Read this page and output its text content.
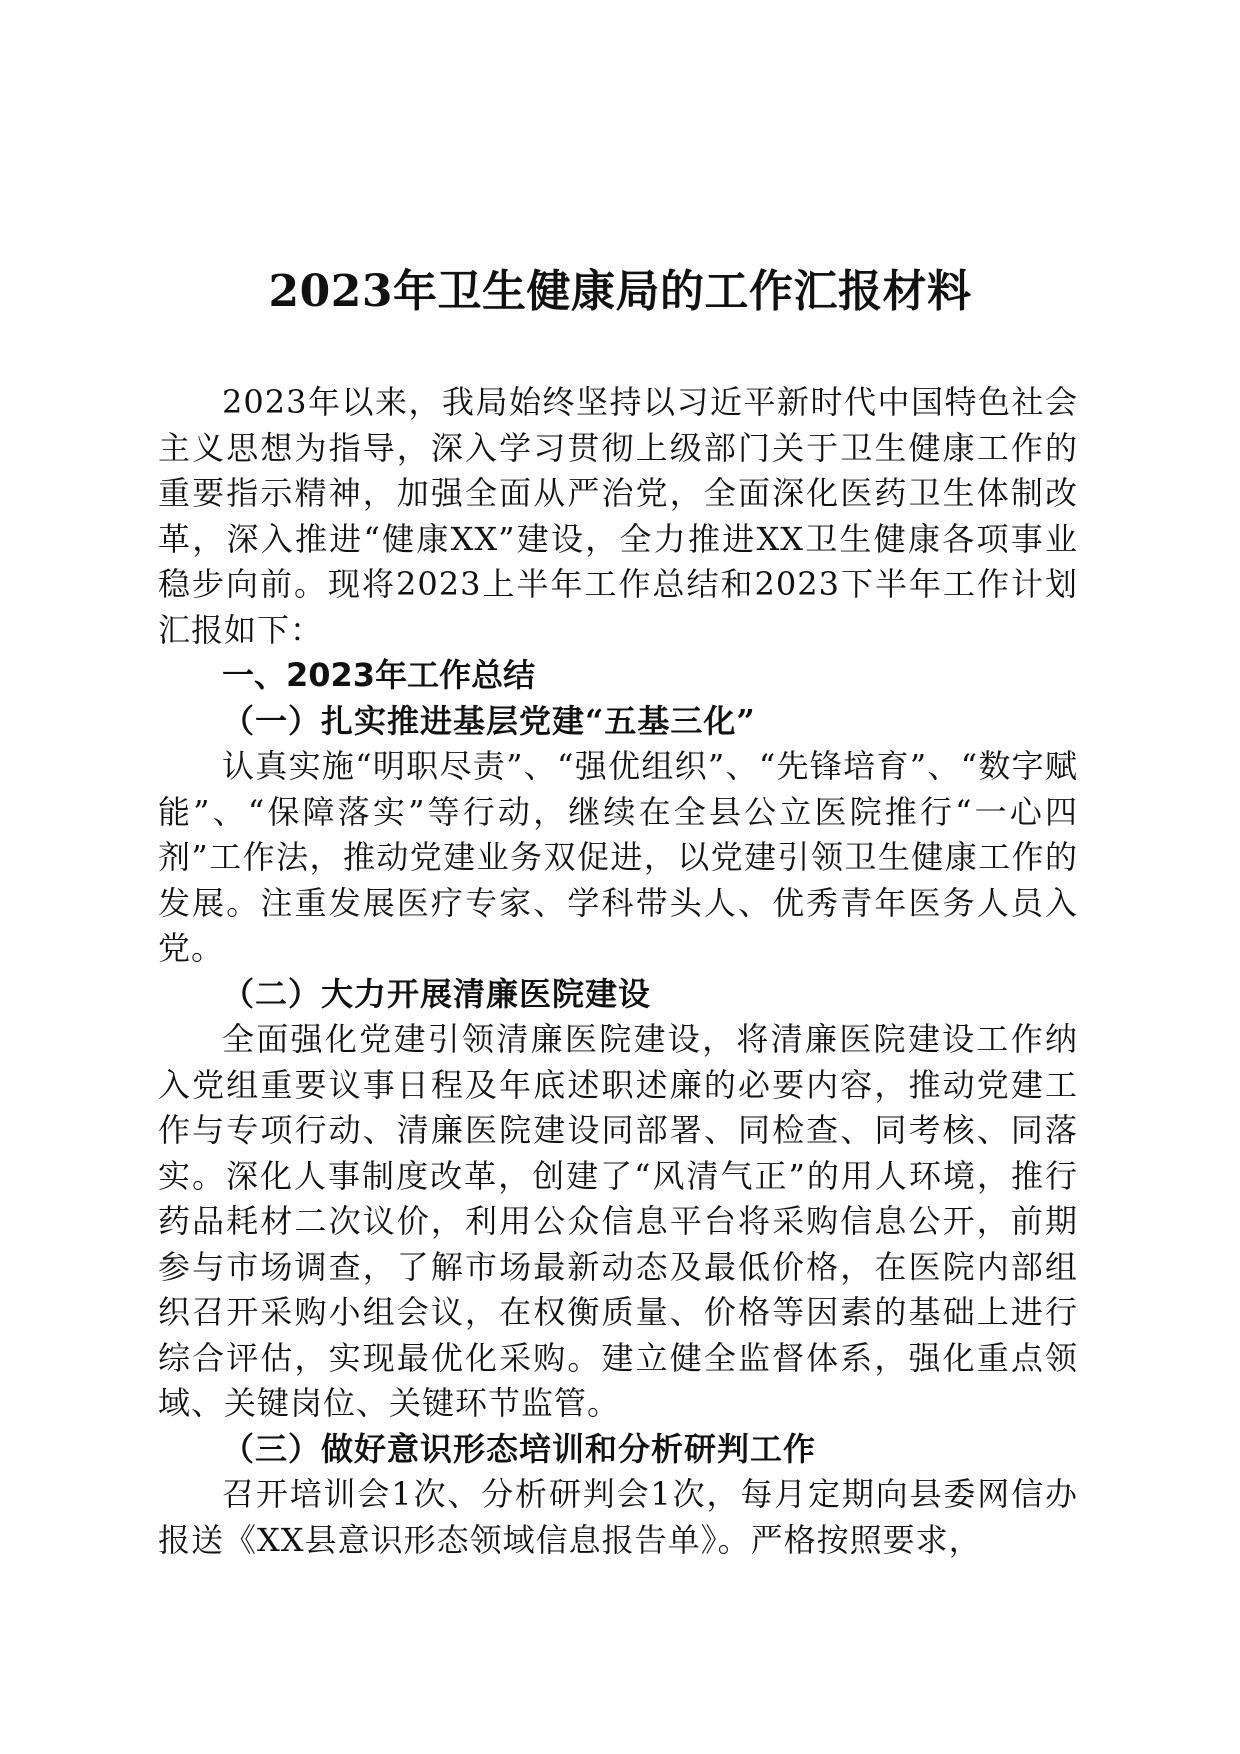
2023年卫生健康局的工作汇报材料

2023年以来，我局始终坚持以习近平新时代中国特色社会主义思想为指导，深入学习贯彻上级部门关于卫生健康工作的重要指示精神，加强全面从严治党，全面深化医药卫生体制改革，深入推进“健康XX”建设，全力推进XX卫生健康各项事业稳步向前。现将2023上半年工作总结和2023下半年工作计划汇报如下：

一、2023年工作总结

（一）扎实推进基层党建“五基三化”

认真实施“明职尽责”、“强优组织”、“先锋培育”、“数字赋能”、“保障落实”等行动，继续在全县公立医院推行“一心四剂”工作法，推动党建业务双促进，以党建引领卫生健康工作的发展。注重发展医疗专家、学科带头人、优秀青年医务人员入党。

（二）大力开展清廉医院建设

全面强化党建引领清廉医院建设，将清廉医院建设工作纳入党组重要议事日程及年底述职述廉的必要内容，推动党建工作与专项行动、清廉医院建设同部署、同检查、同考核、同落实。深化人事制度改革，创建了“风清气正”的用人环境，推行药品耗材二次议价，利用公众信息平台将采购信息公开，前期参与市场调查，了解市场最新动态及最低价格，在医院内部组织召开采购小组会议，在权衡质量、价格等因素的基础上进行综合评估，实现最优化采购。建立健全监督体系，强化重点领域、关键岗位、关键环节监管。

（三）做好意识形态培训和分析研判工作

召开培训会1次、分析研判会1次，每月定期向县委网信办报送《XX县意识形态领域信息报告单》。严格按照要求，
